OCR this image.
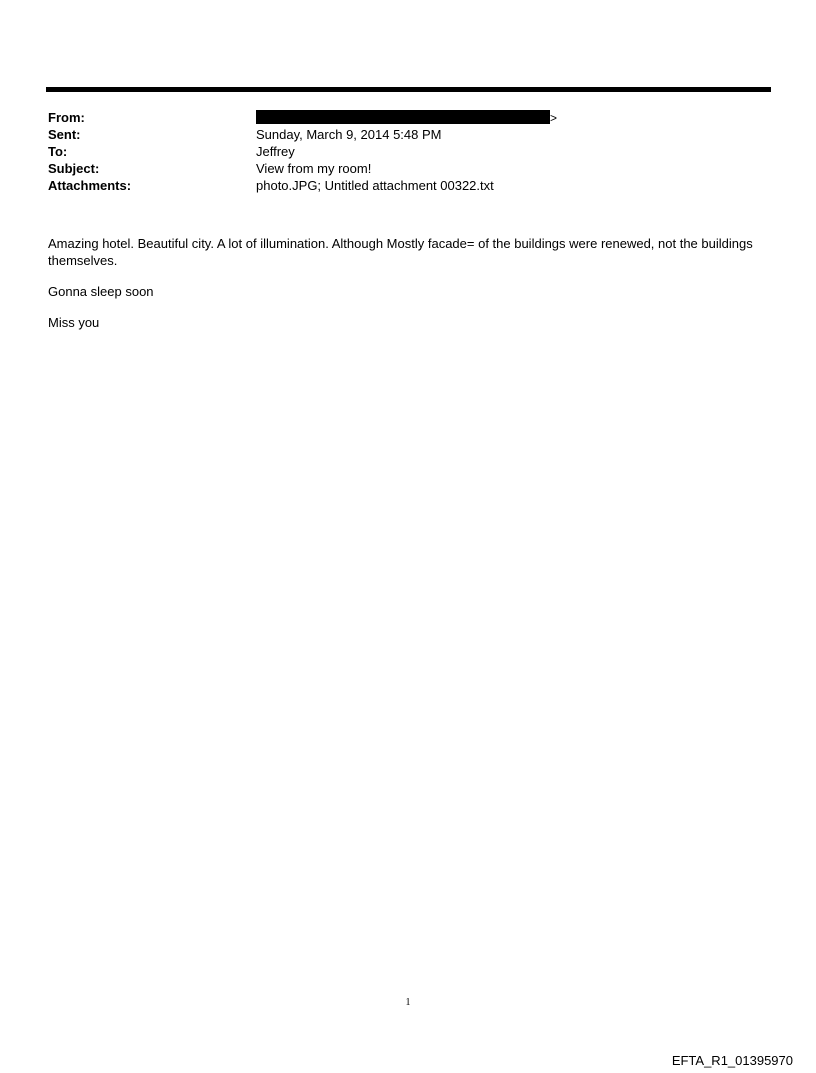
From:	>
Sent:	Sunday, March 9, 2014 5:48 PM
To:	Jeffrey
Subject:	View from my room!
Attachments:	photo.JPG; Untitled attachment 00322.txt

Amazing hotel. Beautiful city. A lot of illumination. Although Mostly facade= of the buildings were renewed, not the buildings themselves.

Gonna sleep soon

Miss you

1
EFTA_R1_01395970
